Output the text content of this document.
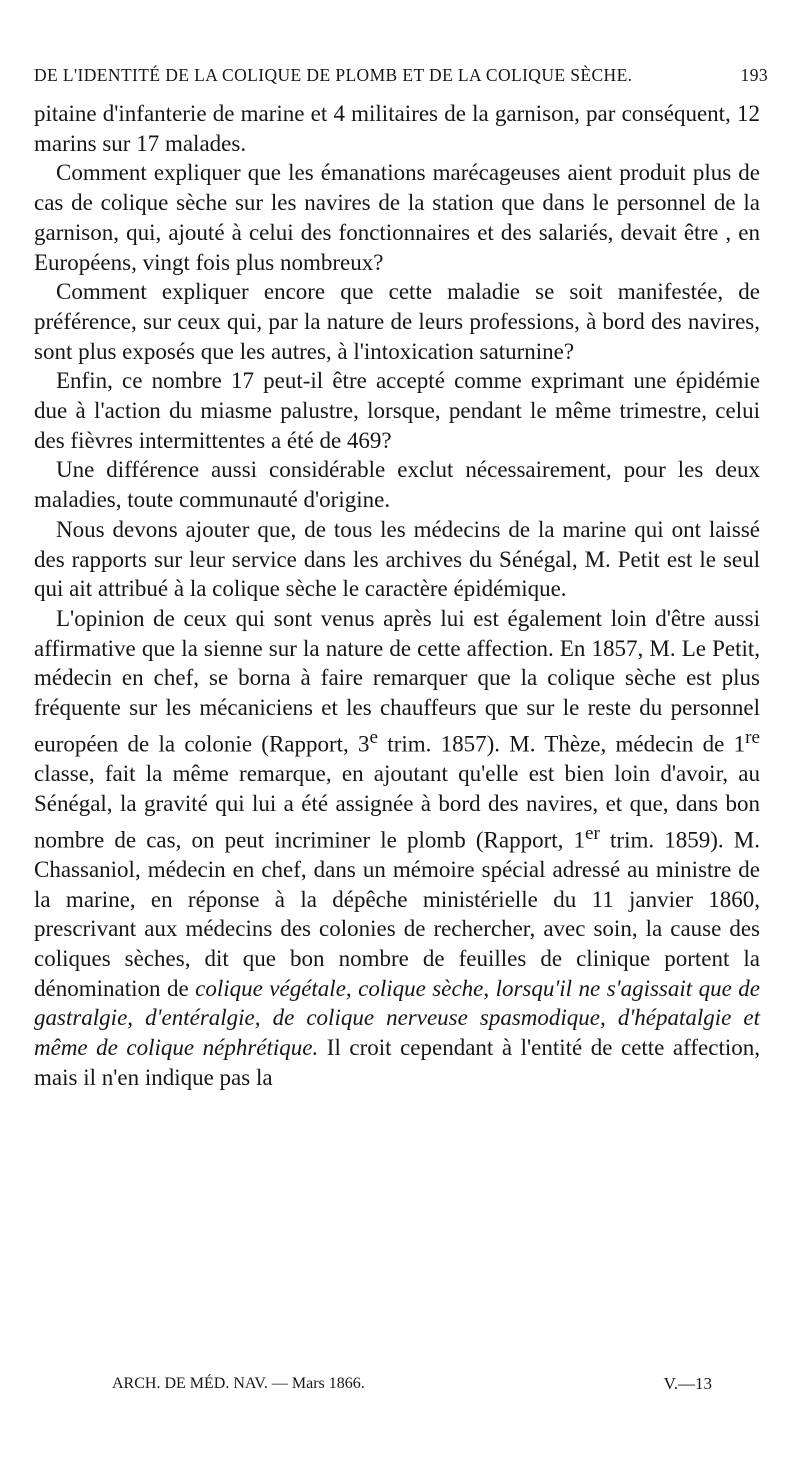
DE L'IDENTITÉ DE LA COLIQUE DE PLOMB ET DE LA COLIQUE SÈCHE.	193

pitaine d'infanterie de marine et 4 militaires de la garnison, par conséquent, 12 marins sur 17 malades.

Comment expliquer que les émanations marécageuses aient produit plus de cas de colique sèche sur les navires de la station que dans le personnel de la garnison, qui, ajouté à celui des fonctionnaires et des salariés, devait être , en Européens, vingt fois plus nombreux?

Comment expliquer encore que cette maladie se soit manifestée, de préférence, sur ceux qui, par la nature de leurs professions, à bord des navires, sont plus exposés que les autres, à l'intoxication saturnine?

Enfin, ce nombre 17 peut-il être accepté comme exprimant une épidémie due à l'action du miasme palustre, lorsque, pendant le même trimestre, celui des fièvres intermittentes a été de 469?

Une différence aussi considérable exclut nécessairement, pour les deux maladies, toute communauté d'origine.

Nous devons ajouter que, de tous les médecins de la marine qui ont laissé des rapports sur leur service dans les archives du Sénégal, M. Petit est le seul qui ait attribué à la colique sèche le caractère épidémique.

L'opinion de ceux qui sont venus après lui est également loin d'être aussi affirmative que la sienne sur la nature de cette affection. En 1857, M. Le Petit, médecin en chef, se borna à faire remarquer que la colique sèche est plus fréquente sur les mécaniciens et les chauffeurs que sur le reste du personnel européen de la colonie (Rapport, 3e trim. 1857). M. Thèze, médecin de 1re classe, fait la même remarque, en ajoutant qu'elle est bien loin d'avoir, au Sénégal, la gravité qui lui a été assignée à bord des navires, et que, dans bon nombre de cas, on peut incriminer le plomb (Rapport, 1er trim. 1859). M. Chassaniol, médecin en chef, dans un mémoire spécial adressé au ministre de la marine, en réponse à la dépêche ministérielle du 11 janvier 1860, prescrivant aux médecins des colonies de rechercher, avec soin, la cause des coliques sèches, dit que bon nombre de feuilles de clinique portent la dénomination de colique végétale, colique sèche, lorsqu'il ne s'agissait que de gastralgie, d'entéralgie, de colique nerveuse spasmodique, d'hépatalgie et même de colique néphrétique. Il croit cependant à l'entité de cette affection, mais il n'en indique pas la

ARCH. DE MÉD. NAV. — Mars 1866.	V.—13
